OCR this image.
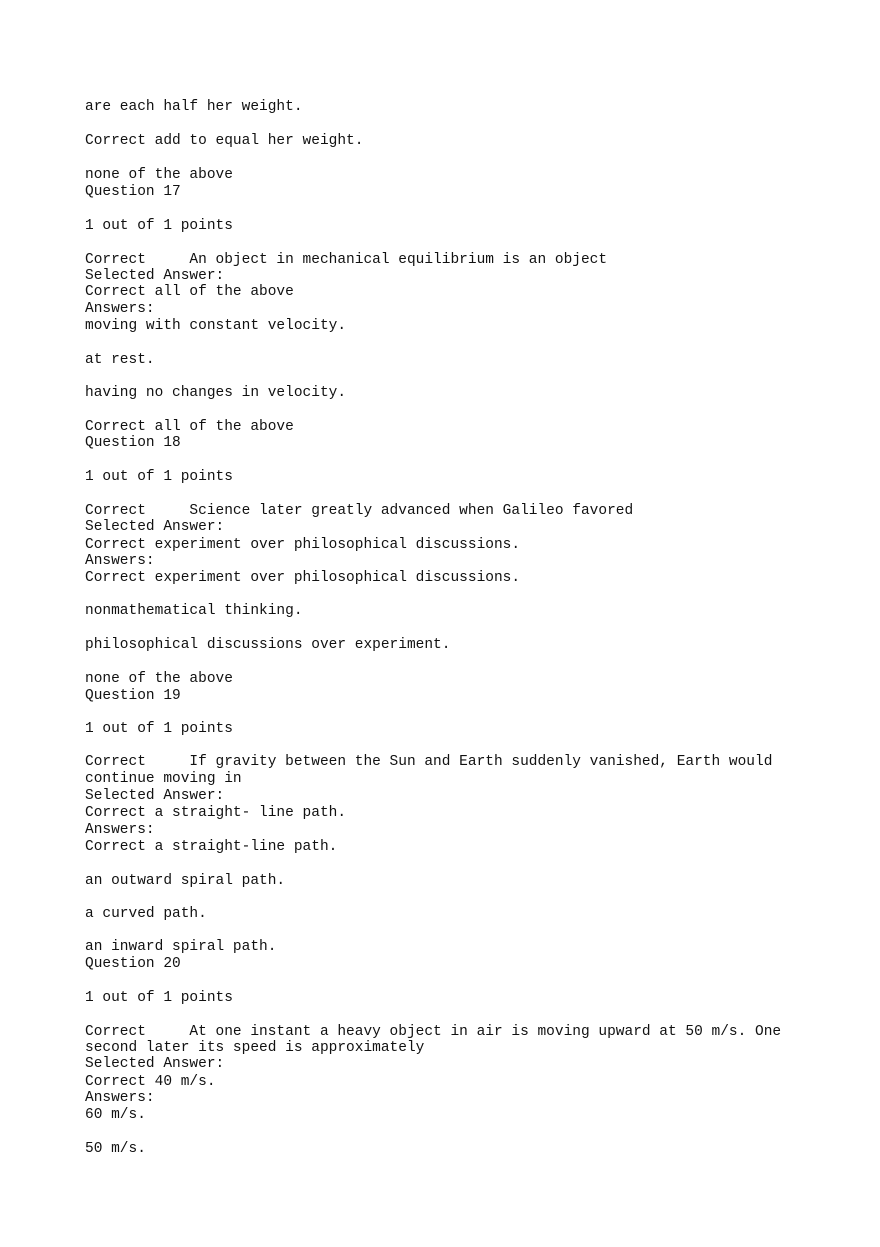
are each half her weight.

Correct add to equal her weight.

none of the above

Question 17

1 out of 1 points

Correct     An object in mechanical equilibrium is an object

Selected Answer:

Correct all of the above

Answers:

moving with constant velocity.

at rest.

having no changes in velocity.

Correct all of the above

Question 18

1 out of 1 points

Correct     Science later greatly advanced when Galileo favored

Selected Answer:

Correct experiment over philosophical discussions.

Answers:

Correct experiment over philosophical discussions.

nonmathematical thinking.

philosophical discussions over experiment.

none of the above

Question 19

1 out of 1 points

Correct     If gravity between the Sun and Earth suddenly vanished, Earth would

continue moving in

Selected Answer:

Correct a straight- line path.

Answers:

Correct a straight-line path.

an outward spiral path.

a curved path.

an inward spiral path.

Question 20

1 out of 1 points

Correct     At one instant a heavy object in air is moving upward at 50 m/s. One

second later its speed is approximately

Selected Answer:

Correct 40 m/s.

Answers:

60 m/s.

50 m/s.
